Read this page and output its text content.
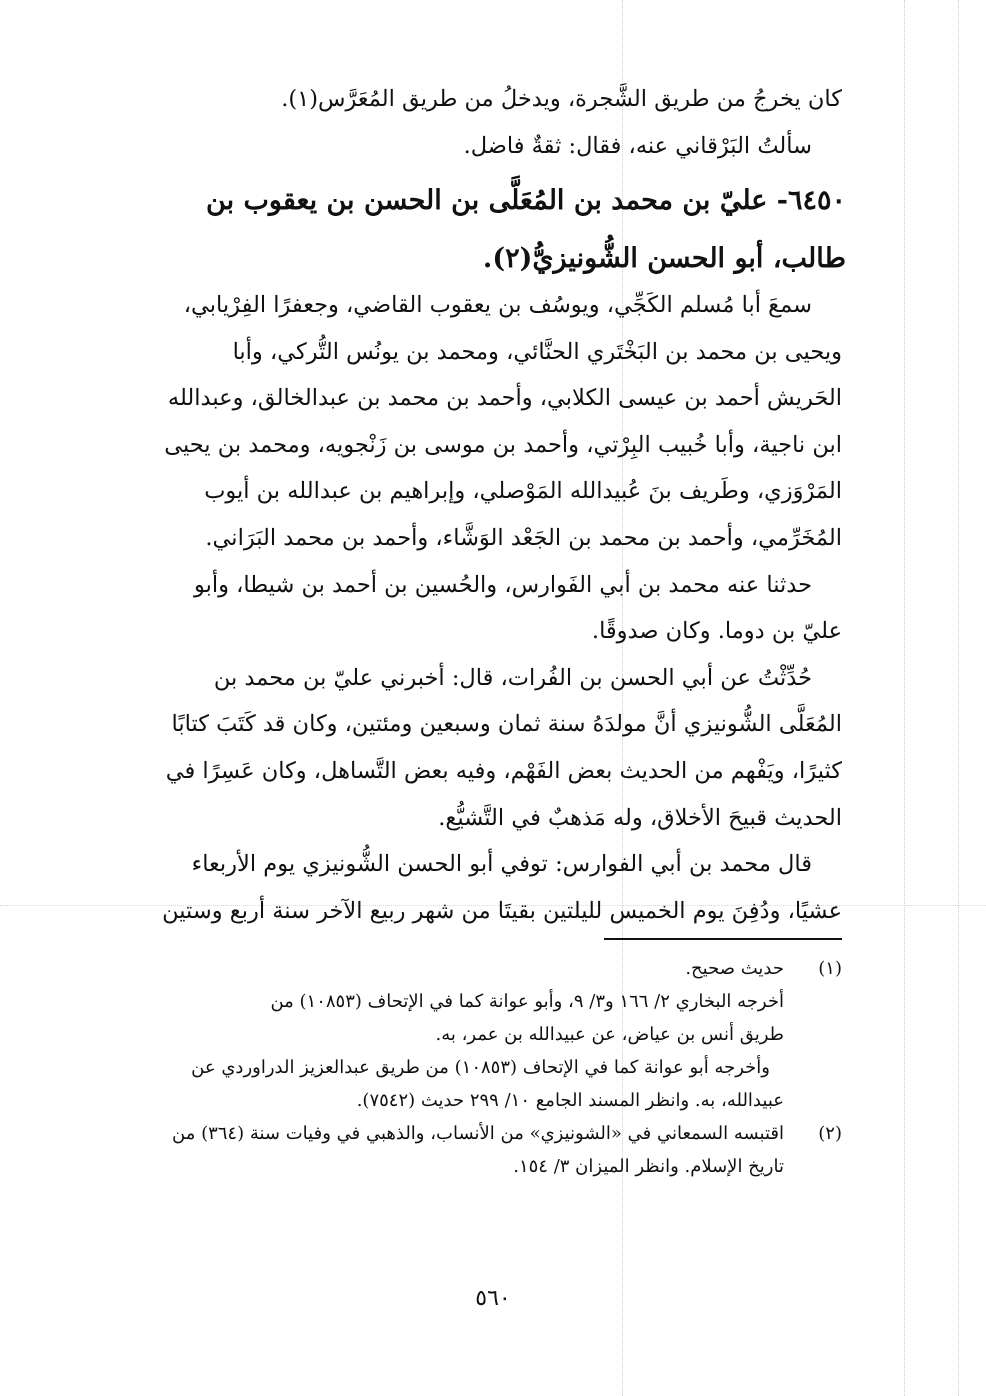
كان يخرجُ من طريق الشَّجرة، ويدخلُ من طريق المُعَرَّس(١).
سألتُ البَرْقاني عنه، فقال: ثقةٌ فاضل.
٦٤٥٠- عليّ بن محمد بن المُعَلَّى بن الحسن بن يعقوب بن
طالب، أبو الحسن الشُّونيزيُّ(٢).
سمعَ أبا مُسلم الكَجِّي، ويوسُف بن يعقوب القاضي، وجعفرًا الفِرْيابي،
ويحيى بن محمد بن البَخْتَري الحنَّائي، ومحمد بن يونُس التُّركي، وأبا
الحَريش أحمد بن عيسى الكلابي، وأحمد بن محمد بن عبدالخالق، وعبدالله
ابن ناجية، وأبا خُبيب البِرْتي، وأحمد بن موسى بن زَنْجويه، ومحمد بن يحيى
المَرْوَزي، وطَريف بنَ عُبيدالله المَوْصلي، وإبراهيم بن عبدالله بن أيوب
المُخَرِّمي، وأحمد بن محمد بن الجَعْد الوَشَّاء، وأحمد بن محمد البَرَاني.
حدثنا عنه محمد بن أبي الفَوارس، والحُسين بن أحمد بن شيطا، وأبو
عليّ بن دوما. وكان صدوقًا.
حُدِّثْتُ عن أبي الحسن بن الفُرات، قال: أخبرني عليّ بن محمد بن
المُعَلَّى الشُّونيزي أنَّ مولدَهُ سنة ثمان وسبعين ومئتين، وكان قد كَتَبَ كتابًا
كثيرًا، ويَفْهم من الحديث بعض الفَهْم، وفيه بعض التَّساهل، وكان عَسِرًا في
الحديث قبيحَ الأخلاق، وله مَذهبٌ في التَّشيُّع.
قال محمد بن أبي الفوارس: توفي أبو الحسن الشُّونيزي يوم الأربعاء
عشيًا، ودُفِنَ يوم الخميس لليلتين بقيتَا من شهر ربيع الآخر سنة أربع وستين
(١)
حديث صحيح.
أخرجه البخاري ٢/ ١٦٦ و٣/ ٩، وأبو عوانة كما في الإتحاف (١٠٨٥٣) من
طريق أنس بن عياض، عن عبيدالله بن عمر، به.
وأخرجه أبو عوانة كما في الإتحاف (١٠٨٥٣) من طريق عبدالعزيز الدراوردي عن
عبيدالله، به. وانظر المسند الجامع ١٠/ ٢٩٩ حديث (٧٥٤٢).
(٢)
اقتبسه السمعاني في «الشونيزي» من الأنساب، والذهبي في وفيات سنة (٣٦٤) من
تاريخ الإسلام. وانظر الميزان ٣/ ١٥٤.
٥٦٠
